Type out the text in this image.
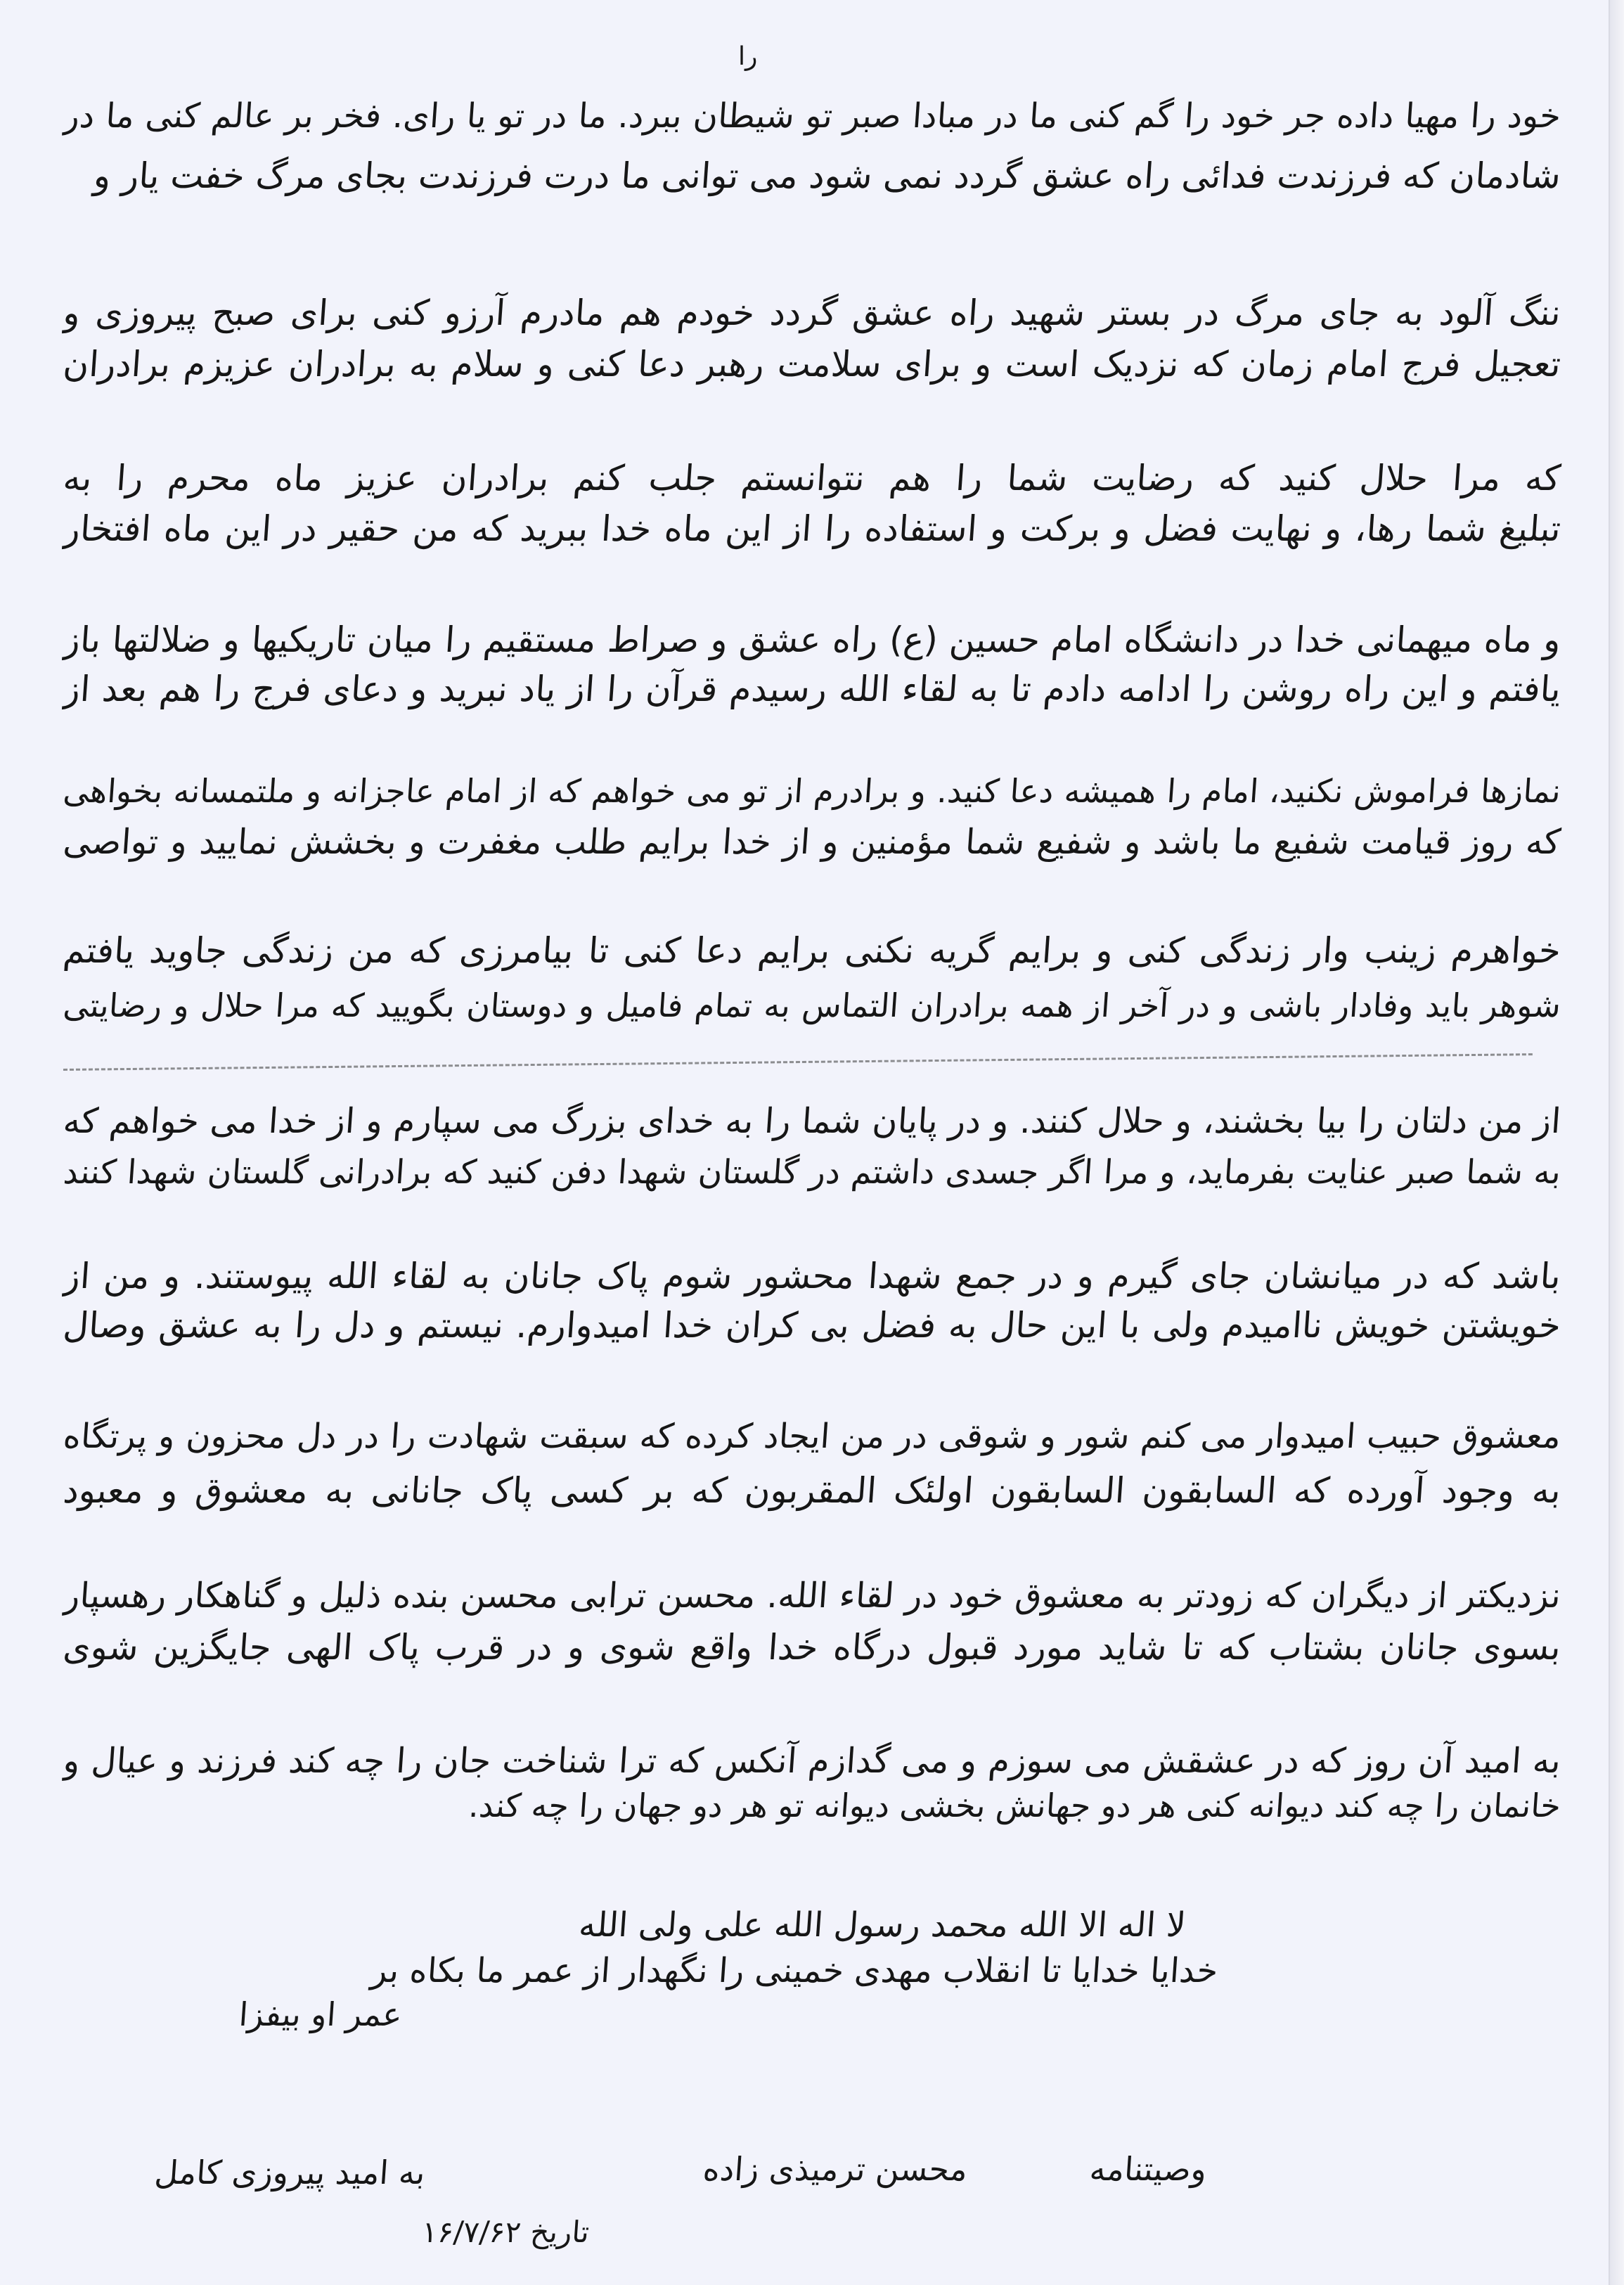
را
خود را مهیا داده جر خود را گم کنی ما در مبادا صبر تو شیطان ببرد. ما در تو یا رای. فخر بر عالم کنی ما در
شادمان که فرزندت فدائی راه عشق گردد نمی شود می توانی ما درت فرزندت بجای مرگ خفت یار و
ننگ آلود به جای مرگ در بستر شهید راه عشق گردد خودم هم مادرم آرزو کنی برای صبح پیروزی و
تعجیل فرج امام زمان که نزدیک است و برای سلامت رهبر دعا کنی و سلام به برادران عزیزم برادران
که مرا حلال کنید که رضایت شما را هم نتوانستم جلب کنم برادران عزیز ماه محرم را به
تبلیغ شما رها، و نهایت فضل و برکت و استفاده را از این ماه خدا ببرید که من حقیر در این ماه افتخار
و ماه میهمانی خدا در دانشگاه امام حسین (ع) راه عشق و صراط مستقیم را میان تاریکیها و ضلالتها باز
یافتم و این راه روشن را ادامه دادم تا به لقاء الله رسیدم قرآن را از یاد نبرید و دعای فرج را هم بعد از
نمازها فراموش نکنید، امام را همیشه دعا کنید. و برادرم از تو می خواهم که از امام عاجزانه و ملتمسانه بخواهی
که روز قیامت شفیع ما باشد و شفیع شما مؤمنین و از خدا برایم طلب مغفرت و بخشش نمایید و تواصی
خواهرم زینب وار زندگی کنی و برایم گریه نکنی برایم دعا کنی تا بیامرزی که من زندگی جاوید یافتم
شوهر باید وفادار باشی و در آخر از همه برادران التماس به تمام فامیل و دوستان بگویید که مرا حلال و رضایتی
از من دلتان را بیا بخشند، و حلال کنند. و در پایان شما را به خدای بزرگ می سپارم و از خدا می خواهم که
به شما صبر عنایت بفرماید، و مرا اگر جسدی داشتم در گلستان شهدا دفن کنید که برادرانی گلستان شهدا کنند
باشد که در میانشان جای گیرم و در جمع شهدا محشور شوم پاک جانان به لقاء الله پیوستند. و من از
خویشتن خویش ناامیدم ولی با این حال به فضل بی کران خدا امیدوارم. نیستم و دل را به عشق وصال
معشوق حبیب امیدوار می کنم شور و شوقی در من ایجاد کرده که سبقت شهادت را در دل محزون و پرتگاه
به وجود آورده که السابقون السابقون اولئک المقربون که بر کسی پاک جانانی به معشوق و معبود
نزدیکتر از دیگران که زودتر به معشوق خود در لقاء الله. محسن ترابی محسن بنده ذلیل و گناهکار رهسپار
بسوی جانان بشتاب که تا شاید مورد قبول درگاه خدا واقع شوی و در قرب پاک الهی جایگزین شوی
به امید آن روز که در عشقش می سوزم و می گدازم آنکس که ترا شناخت جان را چه کند فرزند و عیال و
خانمان را چه کند دیوانه کنی هر دو جهانش بخشی دیوانه تو هر دو جهان را چه کند.
لا اله الا الله محمد رسول الله علی ولی الله
خدایا خدایا تا انقلاب مهدی خمینی را نگهدار از عمر ما بکاه بر
عمر او بیفزا
وصیتنامه
محسن ترمیذی زاده
به امید پیروزی کامل
تاریخ ۱۶/۷/۶۲
